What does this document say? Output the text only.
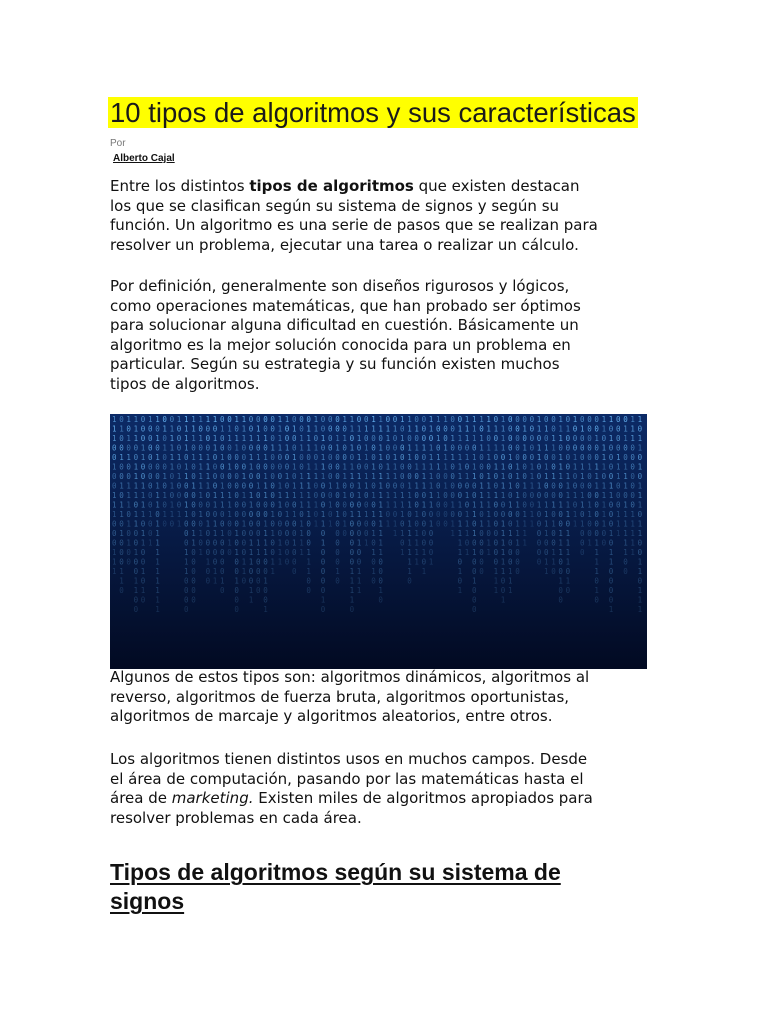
10 tipos de algoritmos y sus características
Por
Alberto Cajal

Entre los distintos tipos de algoritmos que existen destacan
los que se clasifican según su sistema de signos y según su
función. Un algoritmo es una serie de pasos que se realizan para
resolver un problema, ejecutar una tarea o realizar un cálculo.

Por definición, generalmente son diseños rigurosos y lógicos,
como operaciones matemáticas, que han probado ser óptimos
para solucionar alguna dificultad en cuestión. Básicamente un
algoritmo es la mejor solución conocida para un problema en
particular. Según su estrategia y su función existen muchos
tipos de algoritmos.

1
1
1
0
0
1
0
0
1
1
1
0
0
0
1
1
1
0
1
0
0
1
0
0
1
0
1
1
0
1
0
0
0
1
1
0
1
0
1
0
1
0
0
1
1
1
0
1
0
1
0
0
1
1
1
0
0
1
1
1
1
0
1
1
0
0
1
0
0
1
1
0
0
0
0
0
1
1
0
0
1
1
1
1
0
1
1
0
0
1
0
1
0
1
0
0
0
0
0
0
0
0
0
1
0
0
1
1
0
1
0
1
0
0
1
1
1
0
1
1
1
1
1
1
1
1
1
1
0
1
0
1
0
0
1
0
1
0
1
0
0
1
1
1
1
1
0
1
0
1
1
0
1
0
0
0
1
0
1
0
0
0
1
1
1
1
1
1
0
1
1
0
0
1
1
0
0
0
1
1
1
0
0
0
0
1
1
1
0
1
0
0
1
0
0
0
0
1
1
0
0
0
0
0
0
1
0
1
0
1
1
1
1
1
0
1
0
1
0
1
1
0
0
0
1
1
1
1
0
0
0
1
0
0
0
1
0
0
1
0
1
1
0
0
0
0
1
1
0
1
1
0
0
0
1
1
0
1
0
0
1
0
0
1
1
1
0
0
1
0
0
0
0
1
0
0
1
1
0
0
1
0
0
1
1
1
0
0
1
0
1
0
1
1
0
0
0
0
0
0
0
0
1
0
1
0
0
1
0
0
0
1
1
1
0
0
0
1
0
1
0
0
1
0
0
0
1
1
0
0
0
1
0
1
1
0
0
1
1
0
0
0
1
1
1
0
0
1
1
0
1
1
0
1
0
0
1
0
0
0
0
0
1
1
0
0
0
0
0
0
1
0
1
0
1
1
1
0
0
1
1
1
1
0
0
1
0
0
1
0
0
0
1
0
0
0
0
0
0
1
0
1
0
0
1
1
1
1
1
1
0
0
0
1
1
1
0
0
0
1
1
1
1
0
0
1
0
0
1
0
1
0
1
0
0
0
0
0
0
1
0
0
1
1
0
1
1
0
1
0
0
1
0
0
0
0
0
1
1
0
0
1
1
1
1
0
1
1
1
1
0
1
1
1
0
1
1
1
1
1
1
0
0
0
1
1
1
0
0
1
1
0
1
0
1
1
0
0
1
0
1
0
0
1
0
1
1
1
0
0
0
1
1
0
1
0
0
0
0
0
1
0
0
0
0
0
0
0
0
1
0
1
0
1
0
0
1
1
0
0
0
1
0
0
1
0
0
0
0
0
1
0
1
0
1
0
0
1
1
0
1
0
0
1
0
1
1
0
1
0
1
1
0
0
0
1
0
0
0
0
0
1
1
1
1
0
0
1
1
0
1
0
1
1
1
0
1
0
0
1
0
0
1
1
1
0
1
0
1
1
0
1
1
0
0
1
0
0
1
1
1
0
0
0
1
1
0
1
0
1
0
1
0
1
0
1
0
1
1
0
1
1
0
1
1
1
1
1
1
1
1
1
0
0
0
1
0
0
1
1
0
0
1
1
0
1
1
0
1
0
1
0
0
1
1
1
0
1
1
0
1
1
1
0
1
0
0
0
0
0
1
1
1
0
1
0
1
1
1
0
1
1
0
0
1
1
1
0
1
1
1
1
1
1
0
0
1
0
1
0
1
0
1
0
0
1
0
1
1
1
1
0
0
0
1
0
1
1
1
0
1
0
0
0
0
1
0
1
1
1
0
1
1
1
1
1
1
1
0
1
0
0
0
1
1
0
1
0
1
1
0
0
1
0
0
0
1
0
0
1
1
1
0
1
0
0
0
0
0
0
1
0
1
0
0
0
0
1
0
1
1
0
1
1
0
1
1
1
0
0
1
0
1
1
1
1
0
1
0
1
1
1
1
0
1
0
1
0
1
0
1
1
1
0
1
1
1
1
0
1
1
1
0
0
1
1
0
1
0
1
0
0
1
0
0
0
1
0
1
1
0
0
0
1
1
1
0
1
0
0
0
0
0
1
1
0
1
1
0
1
1
1
1
1
1
0
1
1
0
1
0
1
0
1
0
0
1
0
0
0
0
0
0
0
1
1
1
1
1
1
1
0
1
1
1
1
0
0
1
1
1
1
1
1
0
0
1
0
0
0
0
1
0
0
1
0
1
0
0
1
0
0
0
1
1
1
0
0
0
0
0
1
1
0
1
1
0
1
1
1
0
0
0
0
1
0
1
0
0
0
1
0
0
1
1
1
1
0
0
0
0
0
1
1
1
0
0
1
1
1
1
0
1
1
0
0
1
0
1
0
0
0
0
0
0
0
1
0
1
0
1
1
0
0
1
1
1
1
0
0
1
1
0
0
1
1
0
0
1
0
0
1
0
1
0
0
1
1
0
1
1
1
0
1
1
1
0
0
1
0
0
1
1
1
0
0
1
0
0
0
1
0
0
0
0
1
1
1
1
1
0
1
1
1
1
0
1
0
1
0
0
0
1
1
0
0
1
0
1
1
0
1
0
0
0
1
1
0
1
1
0
1
0
0
0
0
0
0
0
0
1
0
0
0
1
1
0
0
1
0
0
1
0
0
1
1
1
0
0
0
0
0
1
1
1
1
0
1
0
1
1
0
1
1
1
0
1
1
1
1
1
0
0
1
0
1
0
0
0
0
1
1
0
0
0
1
0
1
1
0
0
0
0
1
0
0
0
0
1
1
1
0
0
0
1
1
1
0
1
1
0
0
1
1
1
0
1
1
1
1
1
1
0
0
1
1
1
0
0
0
0
0
0
0
1
1
1
1
1
1
0
1
1
0
1
0
1
1
1
0
1
1
0
0
1
1
0
1
1
1

Algunos de estos tipos son: algoritmos dinámicos, algoritmos al
reverso, algoritmos de fuerza bruta, algoritmos oportunistas,
algoritmos de marcaje y algoritmos aleatorios, entre otros.

Los algoritmos tienen distintos usos en muchos campos. Desde
el área de computación, pasando por las matemáticas hasta el
área de marketing. Existen miles de algoritmos apropiados para
resolver problemas en cada área.

Tipos de algoritmos según su sistema de
signos
